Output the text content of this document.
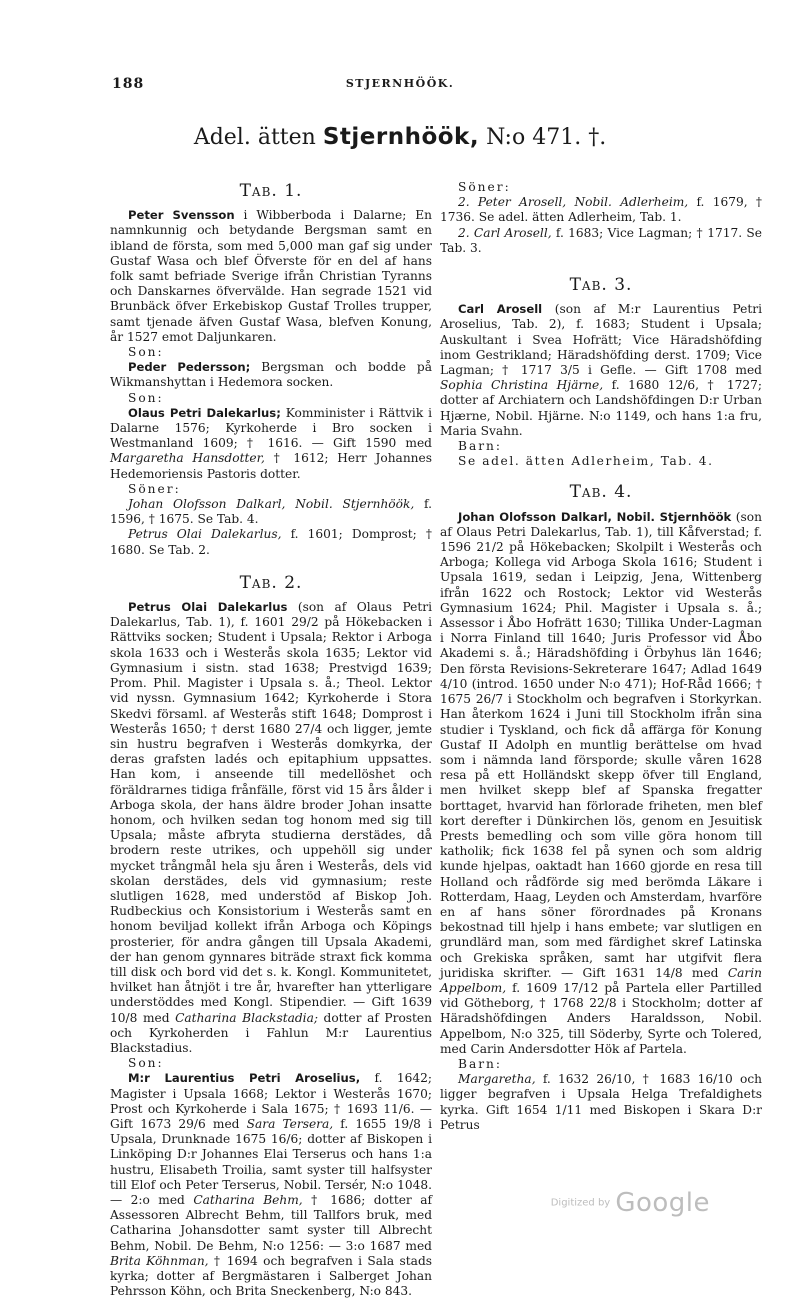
188	STJERNHÖÖK.
Adel. ätten Stjernhöök, N:o 471. †.
Tab. 1.

Peter Svensson i Wibberboda i Dalarne; En namnkunnig och betydande Bergsman samt en ibland de första, som med 5,000 man gaf sig under Gustaf Wasa och blef Öfverste för en del af hans folk samt befriade Sverige ifrån Christian Tyranns och Danskarnes öfvervälde. Han segrade 1521 vid Brunbäck öfver Erkebiskop Gustaf Trolles trupper, samt tjenade äfven Gustaf Wasa, blefven Konung, år 1527 emot Daljunkaren.

Son:

Peder Pedersson; Bergsman och bodde på Wikmanshyttan i Hedemora socken.

Son:

Olaus Petri Dalekarlus; Komminister i Rättvik i Dalarne 1576; Kyrkoherde i Bro socken i Westmanland 1609; † 1616. — Gift 1590 med Margaretha Hansdotter, † 1612; Herr Johannes Hedemoriensis Pastoris dotter.

Söner:

Johan Olofsson Dalkarl, Nobil. Stjernhöök, f. 1596, † 1675. Se Tab. 4.

Petrus Olai Dalekarlus, f. 1601; Domprost; † 1680. Se Tab. 2.

Tab. 2.

Petrus Olai Dalekarlus (son af Olaus Petri Dalekarlus, Tab. 1), f. 1601 29/2 på Hökebacken i Rättviks socken; Student i Upsala; Rektor i Arboga skola 1633 och i Westerås skola 1635; Lektor vid Gymnasium i sistn. stad 1638; Prestvigd 1639; Prom. Phil. Magister i Upsala s. å.; Theol. Lektor vid nyssn. Gymnasium 1642; Kyrkoherde i Stora Skedvi församl. af Westerås stift 1648; Domprost i Westerås 1650; † derst 1680 27/4 och ligger, jemte sin hustru begrafven i Westerås domkyrka, der deras grafsten ladés och epitaphium uppsattes. Han kom, i anseende till medellöshet och föräldrarnes tidiga frånfälle, först vid 15 års ålder i Arboga skola, der hans äldre broder Johan insatte honom, och hvilken sedan tog honom med sig till Upsala; måste afbryta studierna derstädes, då brodern reste utrikes, och uppehöll sig under mycket trångmål hela sju åren i Westerås, dels vid skolan derstädes, dels vid gymnasium; reste slutligen 1628, med understöd af Biskop Joh. Rudbeckius och Konsistorium i Westerås samt en honom beviljad kollekt ifrån Arboga och Köpings prosterier, för andra gången till Upsala Akademi, der han genom gynnares biträde straxt fick komma till disk och bord vid det s. k. Kongl. Kommunitetet, hvilket han åtnjöt i tre år, hvarefter han ytterligare understöddes med Kongl. Stipendier. — Gift 1639 10/8 med Catharina Blackstadia; dotter af Prosten och Kyrkoherden i Fahlun M:r Laurentius Blackstadius.

Son:

M:r Laurentius Petri Aroselius, f. 1642; Magister i Upsala 1668; Lektor i Westerås 1670; Prost och Kyrkoherde i Sala 1675; † 1693 11/6. — Gift 1673 29/6 med Sara Terserа, f. 1655 19/8 i Upsala, Drunknade 1675 16/6; dotter af Biskopen i Linköping D:r Johannes Elai Terserus och hans 1:a hustru, Elisabeth Troilia, samt syster till halfsyster till Elof och Peter Terserus, Nobil. Tersér, N:o 1048. — 2:o med Catharina Behm, † 1686; dotter af Assessoren Albrecht Behm, till Tallfors bruk, med Catharina Johansdotter samt syster till Albrecht Behm, Nobil. De Behm, N:o 1256: — 3:o 1687 med Brita Köhnman, † 1694 och begrafven i Sala stads kyrka; dotter af Bergmästaren i Salberget Johan Pehrsson Köhn, och Brita Sneckenberg, N:o 843.

Söner:

2. Peter Arosell, Nobil. Adlerheim, f. 1679, † 1736. Se adel. ätten Adlerheim, Tab. 1.

2. Carl Arosell, f. 1683; Vice Lagman; † 1717. Se Tab. 3.

Tab. 3.

Carl Arosell (son af M:r Laurentius Petri Aroselius, Tab. 2), f. 1683; Student i Upsala; Auskultant i Svea Hofrätt; Vice Häradshöfding inom Gestrikland; Häradshöfding derst. 1709; Vice Lagman; † 1717 3/5 i Gefle. — Gift 1708 med Sophia Christina Hjärne, f. 1680 12/6, † 1727; dotter af Archiatern och Landshöfdingen D:r Urban Hjærne, Nobil. Hjärne. N:o 1149, och hans 1:a fru, Maria Svahn.

Barn:

Se adel. ätten Adlerheim, Tab. 4.

Tab. 4.

Johan Olofsson Dalkarl, Nobil. Stjernhöök (son af Olaus Petri Dalekarlus, Tab. 1), till Kåfverstad; f. 1596 21/2 på Hökebacken; Skolpilt i Westerås och Arboga; Kollega vid Arboga Skola 1616; Student i Upsala 1619, sedan i Leipzig, Jena, Wittenberg ifrån 1622 och Rostock; Lektor vid Westerås Gymnasium 1624; Phil. Magister i Upsala s. å.; Assessor i Åbo Hofrätt 1630; Tillika Under-Lagman i Norra Finland till 1640; Juris Professor vid Åbo Akademi s. å.; Häradshöfding i Örbyhus län 1646; Den första Revisions-Sekreterare 1647; Adlad 1649 4/10 (introd. 1650 under N:o 471); Hof-Råd 1666; † 1675 26/7 i Stockholm och begrafven i Storkyrkan. Han återkom 1624 i Juni till Stockholm ifrån sina studier i Tyskland, och fick då affärga för Konung Gustaf II Adolph en muntlig berättelse om hvad som i nämnda land försporde; skulle våren 1628 resa på ett Holländskt skepp öfver till England, men hvilket skepp blef af Spanska fregatter borttaget, hvarvid han förlorade friheten, men blef kort derefter i Dünkirchen lös, genom en Jesuitisk Prests bemedling och som ville göra honom till katholik; fick 1638 fel på synen och som aldrig kunde hjelpas, oaktadt han 1660 gjorde en resa till Holland och rådförde sig med berömda Läkare i Rotterdam, Haag, Leyden och Amsterdam, hvarföre en af hans söner förordnades på Kronans bekostnad till hjelp i hans embete; var slutligen en grundlärd man, som med färdighet skref Latinska och Grekiska språken, samt har utgifvit flera juridiska skrifter. — Gift 1631 14/8 med Carin Appelbom, f. 1609 17/12 på Partela eller Partilled vid Götheborg, † 1768 22/8 i Stockholm; dotter af Häradshöfdingen Anders Haraldsson, Nobil. Appelbom, N:o 325, till Söderby, Syrte och Tolered, med Carin Andersdotter Hök af Partela.

Barn:

Margaretha, f. 1632 26/10, † 1683 16/10 och ligger begrafven i Upsala Helga Trefaldighets kyrka. Gift 1654 1/11 med Biskopen i Skara D:r Petrus

Digitized by Google
